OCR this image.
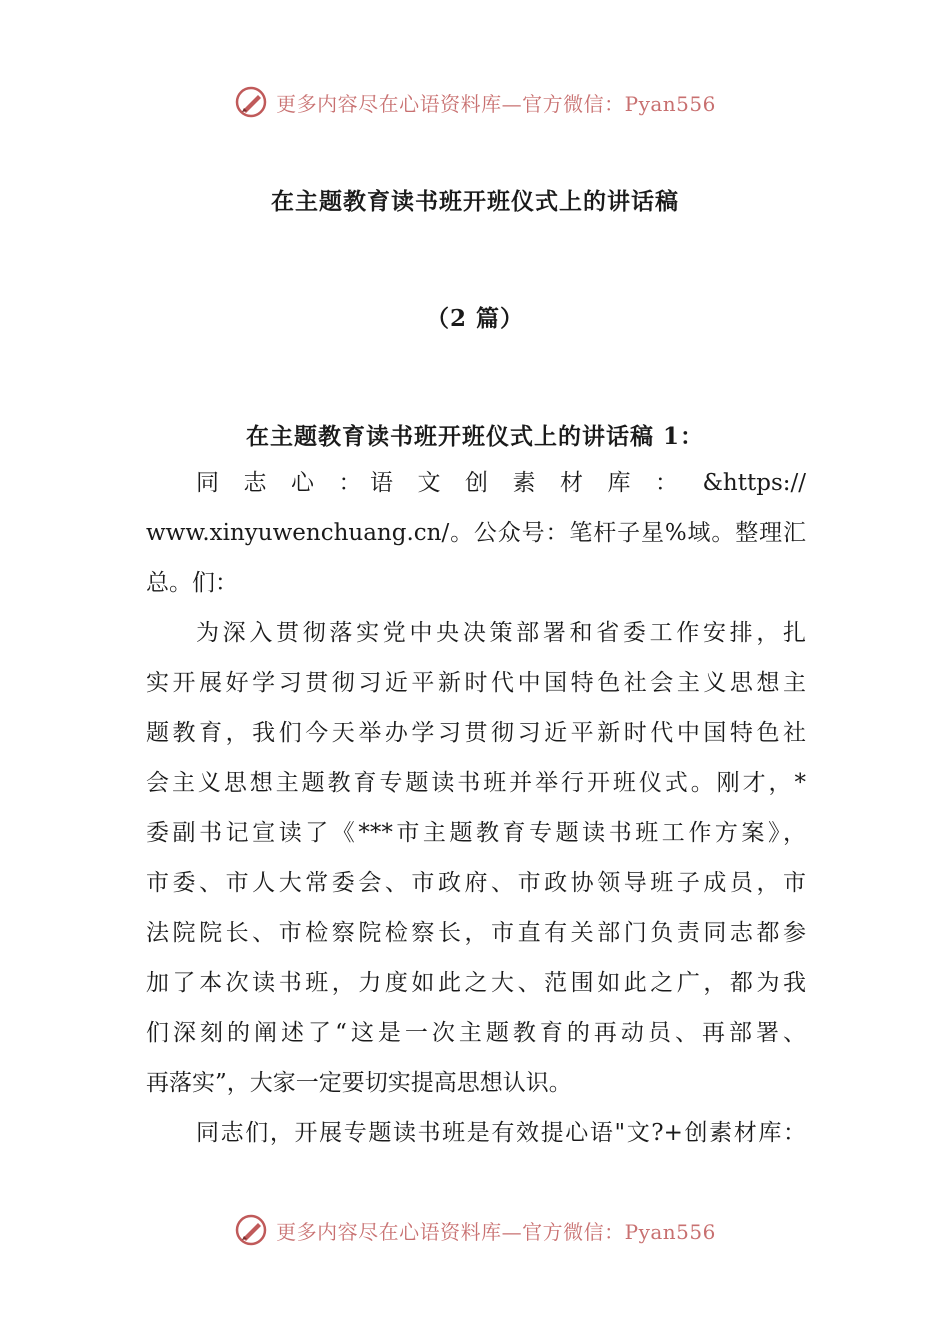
更多内容尽在心语资料库—官方微信：Pyan556
在主题教育读书班开班仪式上的讲话稿
（2 篇）
在主题教育读书班开班仪式上的讲话稿 1：
同 志 心 ：语 文 创 素 材 库 ： &https://
www.xinyuwenchuang.cn/。公众号：笔杆子星%域。整理汇
总。们：
为深入贯彻落实党中央决策部署和省委工作安排，扎
实开展好学习贯彻习近平新时代中国特色社会主义思想主
题教育，我们今天举办学习贯彻习近平新时代中国特色社
会主义思想主题教育专题读书班并举行开班仪式。刚才，*
委副书记宣读了《***市主题教育专题读书班工作方案》，
市委、市人大常委会、市政府、市政协领导班子成员，市
法院院长、市检察院检察长，市直有关部门负责同志都参
加了本次读书班，力度如此之大、范围如此之广，都为我
们深刻的阐述了“这是一次主题教育的再动员、再部署、
再落实”，大家一定要切实提高思想认识。
同志们，开展专题读书班是有效提心语"文?+创素材库：
更多内容尽在心语资料库—官方微信：Pyan556
